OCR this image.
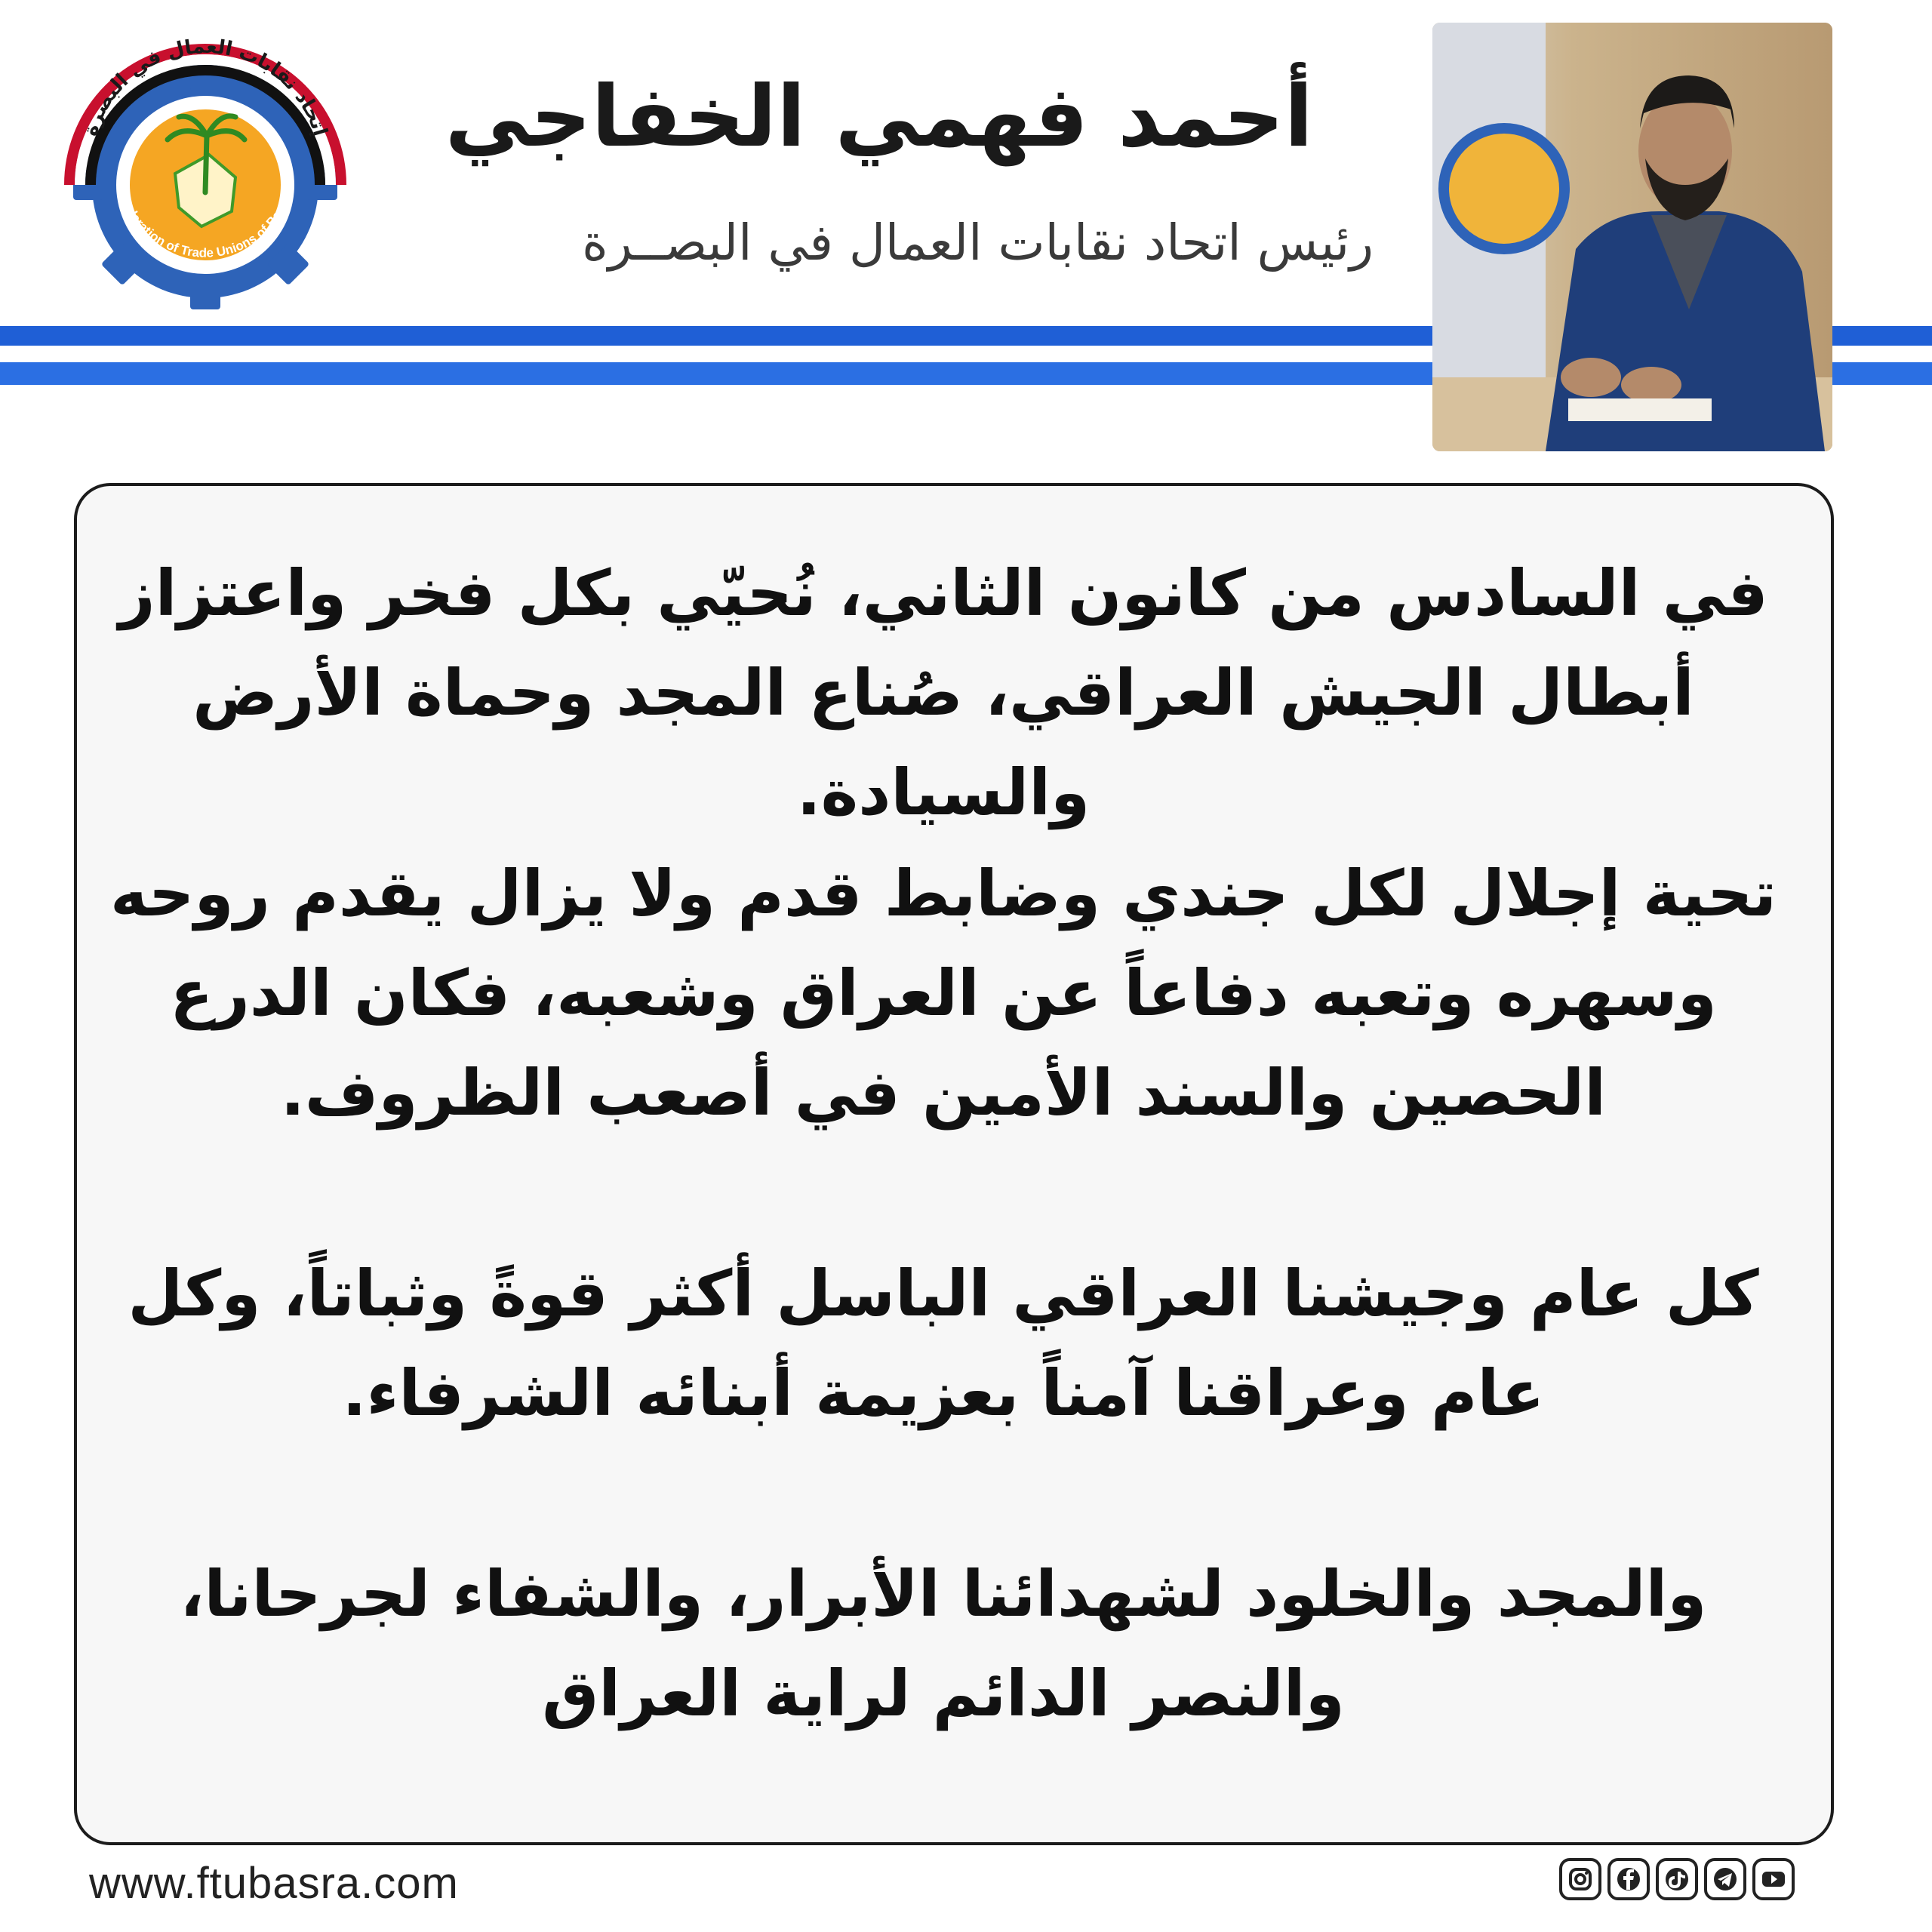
إتحاد نقابات العمال في البصرة
Federation of Trade Unions of Basra
أحمد فهمي الخفاجي
رئيس اتحاد نقابات العمال في البصــرة
في السادس من كانون الثاني، نُحيّي بكل فخر واعتزاز أبطال الجيش العراقي، صُناع المجد وحماة الأرض والسيادة.
تحية إجلال لكل جندي وضابط قدم ولا يزال يقدم روحه وسهره وتعبه دفاعاً عن العراق وشعبه، فكان الدرع الحصين والسند الأمين في أصعب الظروف.
كل عام وجيشنا العراقي الباسل أكثر قوةً وثباتاً، وكل عام وعراقنا آمناً بعزيمة أبنائه الشرفاء.
والمجد والخلود لشهدائنا الأبرار، والشفاء لجرحانا، والنصر الدائم لراية العراق
www.ftubasra.com
